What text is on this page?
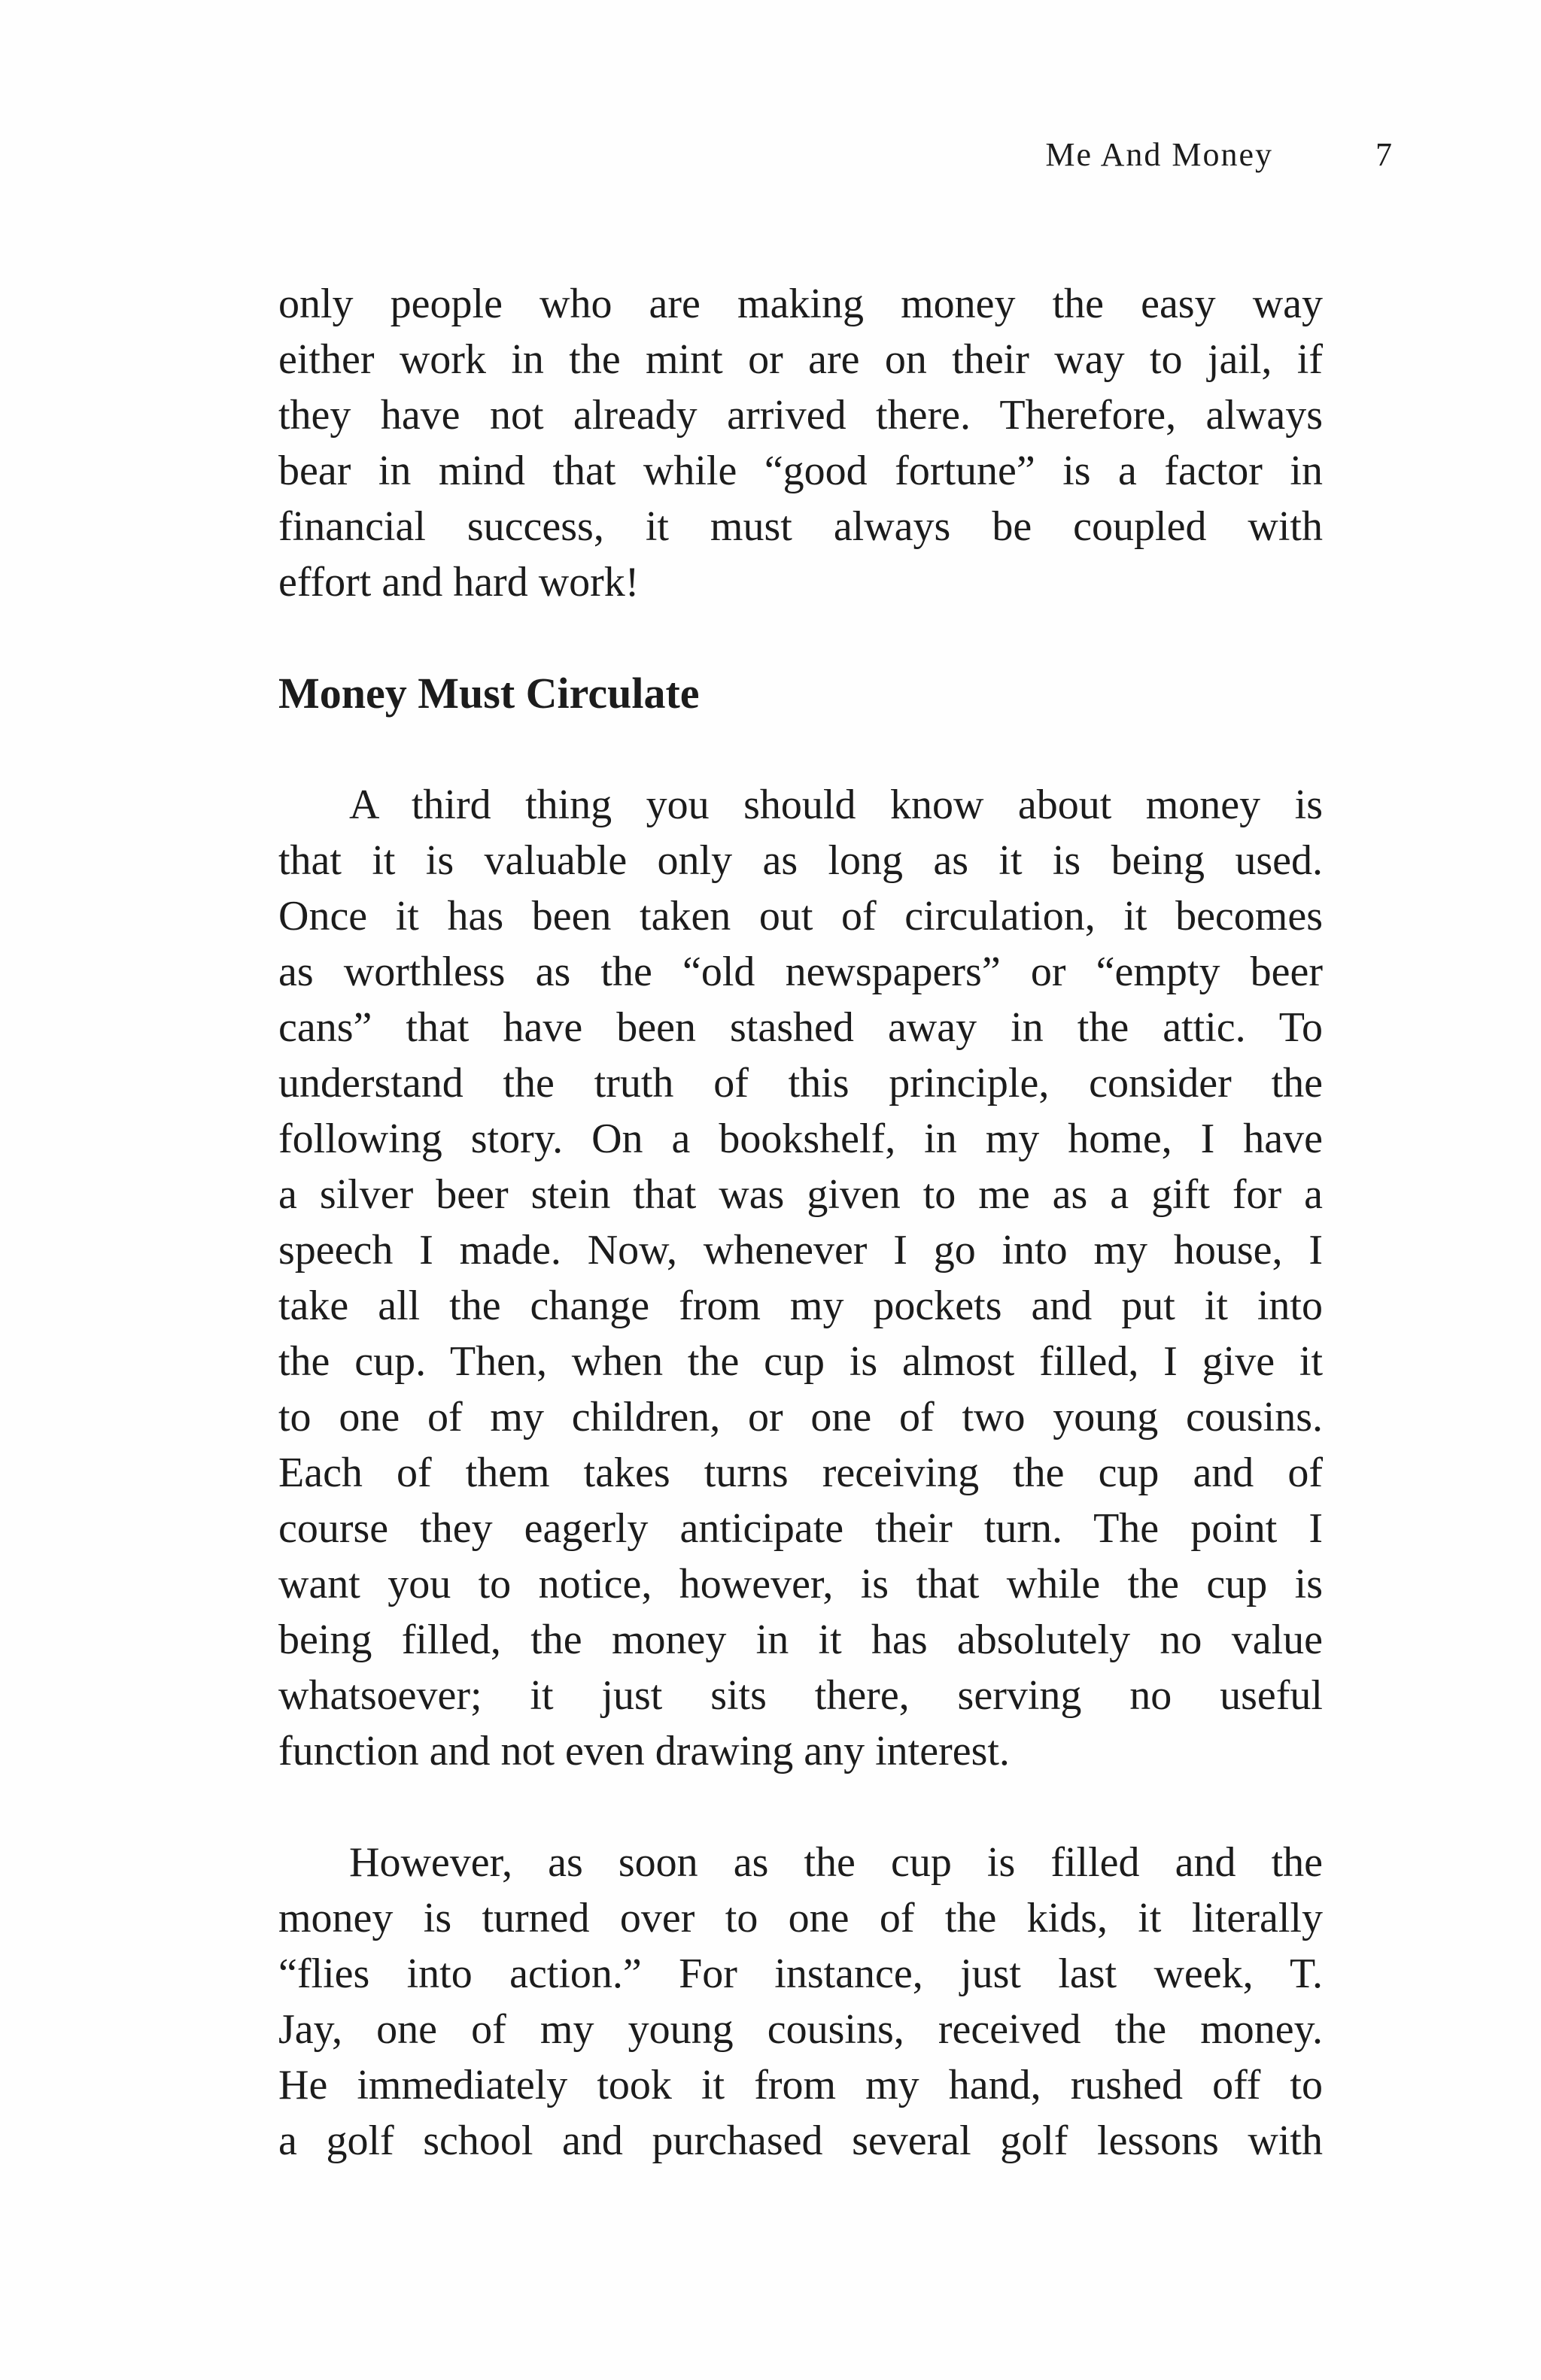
Me And Money	7
only people who are making money the easy way
either work in the mint or are on their way to jail, if
they have not already arrived there. Therefore, always
bear in mind that while “good fortune” is a factor in
financial success, it must always be coupled with
effort and hard work!
Money Must Circulate
A third thing you should know about money is
that it is valuable only as long as it is being used.
Once it has been taken out of circulation, it becomes
as worthless as the “old newspapers” or “empty beer
cans” that have been stashed away in the attic. To
understand the truth of this principle, consider the
following story. On a bookshelf, in my home, I have
a silver beer stein that was given to me as a gift for a
speech I made. Now, whenever I go into my house, I
take all the change from my pockets and put it into
the cup. Then, when the cup is almost filled, I give it
to one of my children, or one of two young cousins.
Each of them takes turns receiving the cup and of
course they eagerly anticipate their turn. The point I
want you to notice, however, is that while the cup is
being filled, the money in it has absolutely no value
whatsoever; it just sits there, serving no useful
function and not even drawing any interest.
However, as soon as the cup is filled and the
money is turned over to one of the kids, it literally
“flies into action.” For instance, just last week, T.
Jay, one of my young cousins, received the money.
He immediately took it from my hand, rushed off to
a golf school and purchased several golf lessons with
